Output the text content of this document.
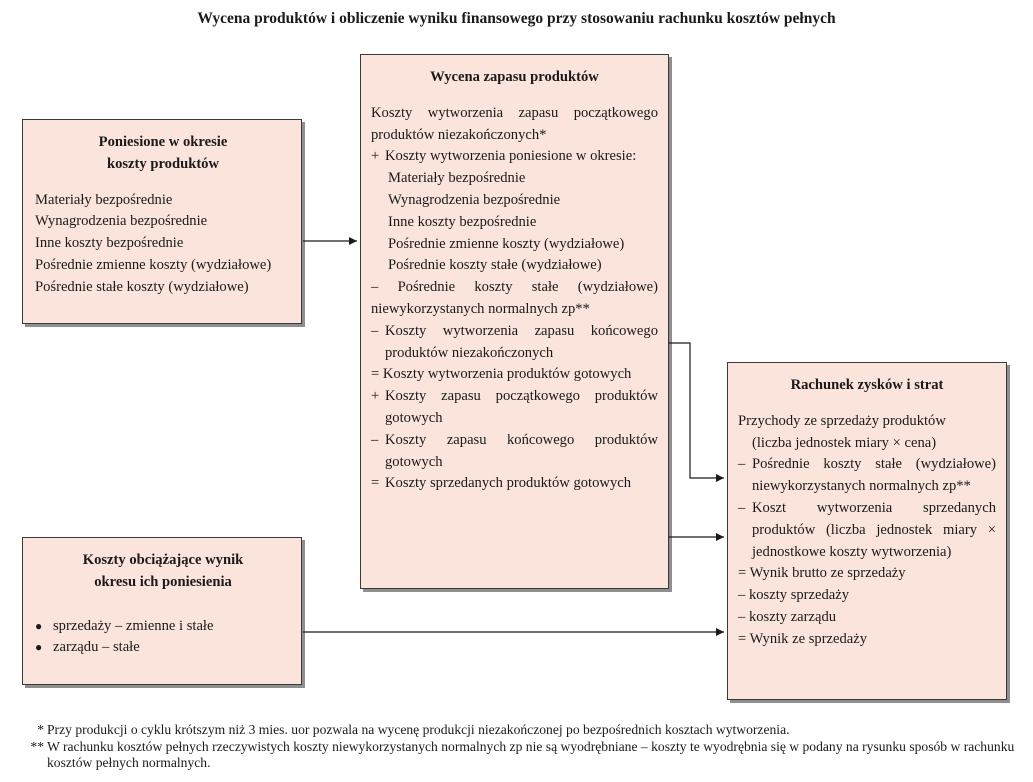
Wycena produktów i obliczenie wyniku finansowego przy stosowaniu rachunku kosztów pełnych
Poniesione w okresie
koszty produktów
Materiały bezpośrednie
Wynagrodzenia bezpośrednie
Inne koszty bezpośrednie
Pośrednie zmienne koszty (wydziałowe)
Pośrednie stałe koszty (wydziałowe)
Koszty obciążające wynik
okresu ich poniesienia
● sprzedaży – zmienne i stałe
● zarządu – stałe
Wycena zapasu produktów
Koszty wytworzenia zapasu początkowego produktów niezakończonych*
+ Koszty wytworzenia poniesione w okresie:
Materiały bezpośrednie
Wynagrodzenia bezpośrednie
Inne koszty bezpośrednie
Pośrednie zmienne koszty (wydziałowe)
Pośrednie koszty stałe (wydziałowe)
– Pośrednie koszty stałe (wydziałowe) niewykorzystanych normalnych zp**
– Koszty wytworzenia zapasu końcowego produktów niezakończonych
= Koszty wytworzenia produktów gotowych
+ Koszty zapasu początkowego produktów gotowych
– Koszty zapasu końcowego produktów gotowych
= Koszty sprzedanych produktów gotowych
Rachunek zysków i strat
Przychody ze sprzedaży produktów
(liczba jednostek miary × cena)
– Pośrednie koszty stałe (wydziałowe) niewykorzystanych normalnych zp**
– Koszt wytworzenia sprzedanych produktów (liczba jednostek miary × jednostkowe koszty wytworzenia)
= Wynik brutto ze sprzedaży
– koszty sprzedaży
– koszty zarządu
= Wynik ze sprzedaży
* Przy produkcji o cyklu krótszym niż 3 mies. uor pozwala na wycenę produkcji niezakończonej po bezpośrednich kosztach wytworzenia.
** W rachunku kosztów pełnych rzeczywistych koszty niewykorzystanych normalnych zp nie są wyodrębniane – koszty te wyodrębnia się w podany na rysunku sposób w rachunku kosztów pełnych normalnych.
